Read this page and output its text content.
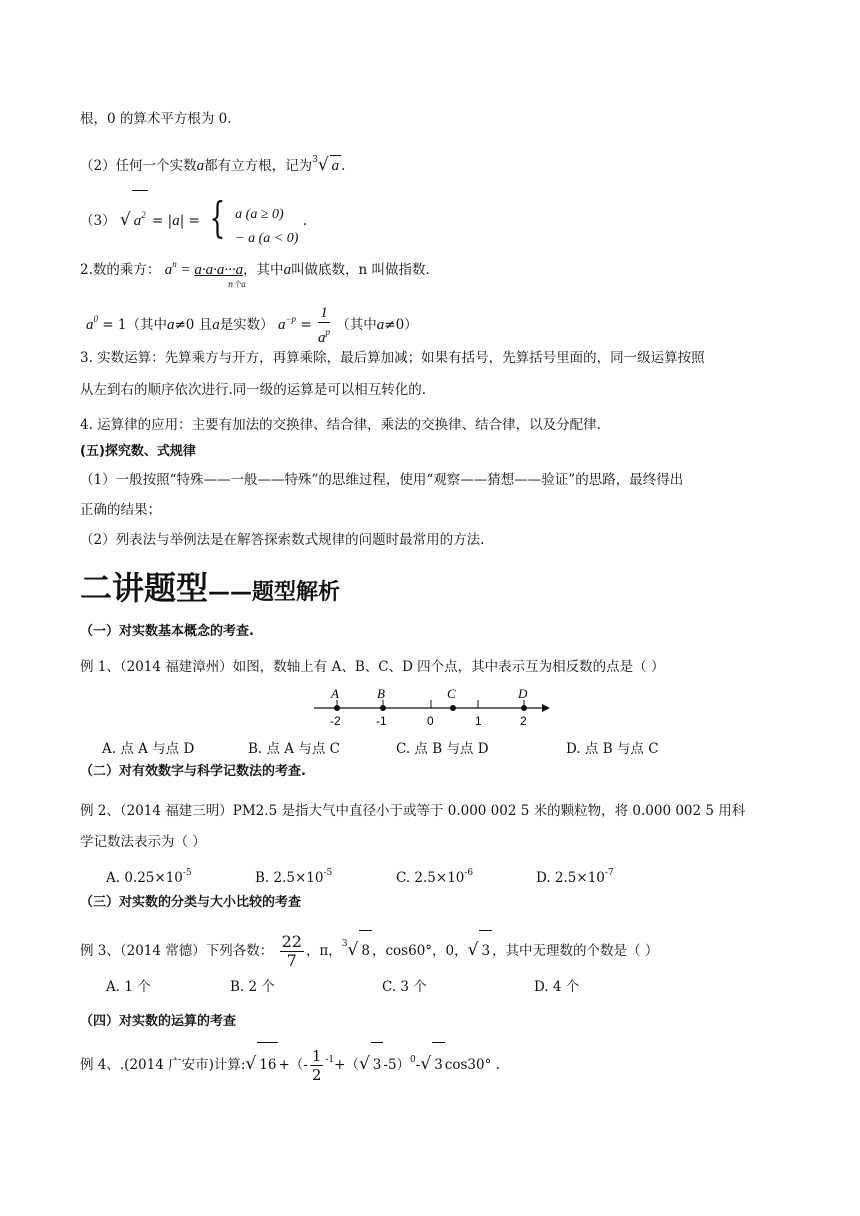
根，0 的算术平方根为 0.
（2）任何一个实数a都有立方根，记为$^3$√ a .
（3） √ $a^2 = |a|$ = { a (a ≥ 0)
− a (a < 0)
.
2.数的乘方： $a^n = a\cdot a\cdot a\cdot\cdot\cdot a$，其中a叫做底数，n 叫做指数.
n个a
$a^0 = 1$（其中a≠0 且a是实数） $a^{-p} = \frac{1}{a^p}$ （其中a≠0）
3. 实数运算：先算乘方与开方，再算乘除，最后算加减；如果有括号，先算括号里面的，同一级运算按照
从左到右的顺序依次进行.同一级的运算是可以相互转化的.
4. 运算律的应用：主要有加法的交换律、结合律，乘法的交换律、结合律，以及分配律.
(五)探究数、式规律
（1）一般按照“特殊——一般——特殊”的思维过程，使用“观察——猜想——验证”的思路，最终得出
正确的结果；
（2）列表法与举例法是在解答探索数式规律的问题时最常用的方法.
二讲题型——题型解析
（一）对实数基本概念的考查.
例 1、（2014 福建漳州）如图，数轴上有 A、B、C、D 四个点，其中表示互为相反数的点是（ ）
A	B	C	D
-2	-1	0	1	2
A. 点 A 与点 D	B. 点 A 与点 C	C. 点 B 与点 D	D. 点 B 与点 C
（二）对有效数字与科学记数法的考查.
例 2、（2014 福建三明）PM2.5 是指大气中直径小于或等于 0.000 002 5 米的颗粒物，将 0.000 002 5 用科
学记数法表示为（ ）
A. $0.25\times 10^{-5}$	B. $2.5\times 10^{-5}$	C. $2.5\times 10^{-6}$	D. $2.5\times 10^{-7}$
（三）对实数的分类与大小比较的考查
例 3、（2014 常德）下列各数： $\frac{22}{7}$ ，π，$^3$√ 8 ，cos60°，0，√ 3 ，其中无理数的个数是（ ）
A. 1 个	B. 2 个	C. 3 个	D. 4 个
（四）对实数的运算的考查
例 4、.(2014 广安市)计算:√ 16 +（- $\frac{1}{2} ^{-1}+(√$ 3 -5）$^0$-√ 3 cos30° .
